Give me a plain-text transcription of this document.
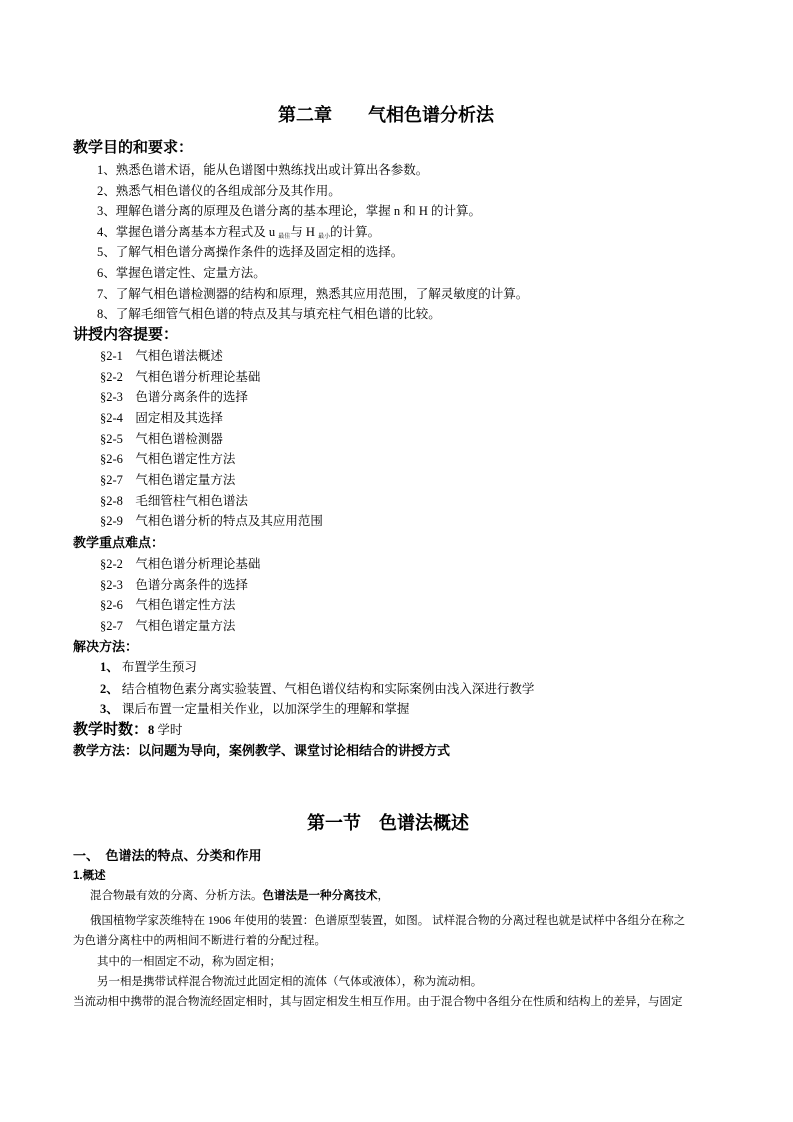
第二章　　气相色谱分析法
教学目的和要求：
1、熟悉色谱术语，能从色谱图中熟练找出或计算出各参数。
2、熟悉气相色谱仪的各组成部分及其作用。
3、理解色谱分离的原理及色谱分离的基本理论，掌握 n 和 H 的计算。
4、掌握色谱分离基本方程式及 u $_{最佳}$与 H $_{最小}$的计算。
5、了解气相色谱分离操作条件的选择及固定相的选择。
6、掌握色谱定性、定量方法。
7、了解气相色谱检测器的结构和原理，熟悉其应用范围，了解灵敏度的计算。
8、了解毛细管气相色谱的特点及其与填充柱气相色谱的比较。
讲授内容提要：
§2-1　气相色谱法概述
§2-2　气相色谱分析理论基础
§2-3　色谱分离条件的选择
§2-4　固定相及其选择
§2-5　气相色谱检测器
§2-6　气相色谱定性方法
§2-7　气相色谱定量方法
§2-8　毛细管柱气相色谱法
§2-9　气相色谱分析的特点及其应用范围
教学重点难点：
§2-2　气相色谱分析理论基础
§2-3　色谱分离条件的选择
§2-6　气相色谱定性方法
§2-7　气相色谱定量方法
解决方法：
1、 布置学生预习
2、 结合植物色素分离实验装置、气相色谱仪结构和实际案例由浅入深进行教学
3、 课后布置一定量相关作业，以加深学生的理解和掌握
教学时数：8 学时
教学方法：以问题为导向，案例教学、课堂讨论相结合的讲授方式
第一节　色谱法概述
一、　色谱法的特点、分类和作用
1.概述
混合物最有效的分离、分析方法。色谱法是一种分离技术，
俄国植物学家茨维特在 1906 年使用的装置：色谱原型装置，如图。 试样混合物的分离过程也就是试样中各组分在称之
为色谱分离柱中的两相间不断进行着的分配过程。
其中的一相固定不动，称为固定相；
另一相是携带试样混合物流过此固定相的流体（气体或液体），称为流动相。
当流动相中携带的混合物流经固定相时，其与固定相发生相互作用。由于混合物中各组分在性质和结构上的差异，与固定
